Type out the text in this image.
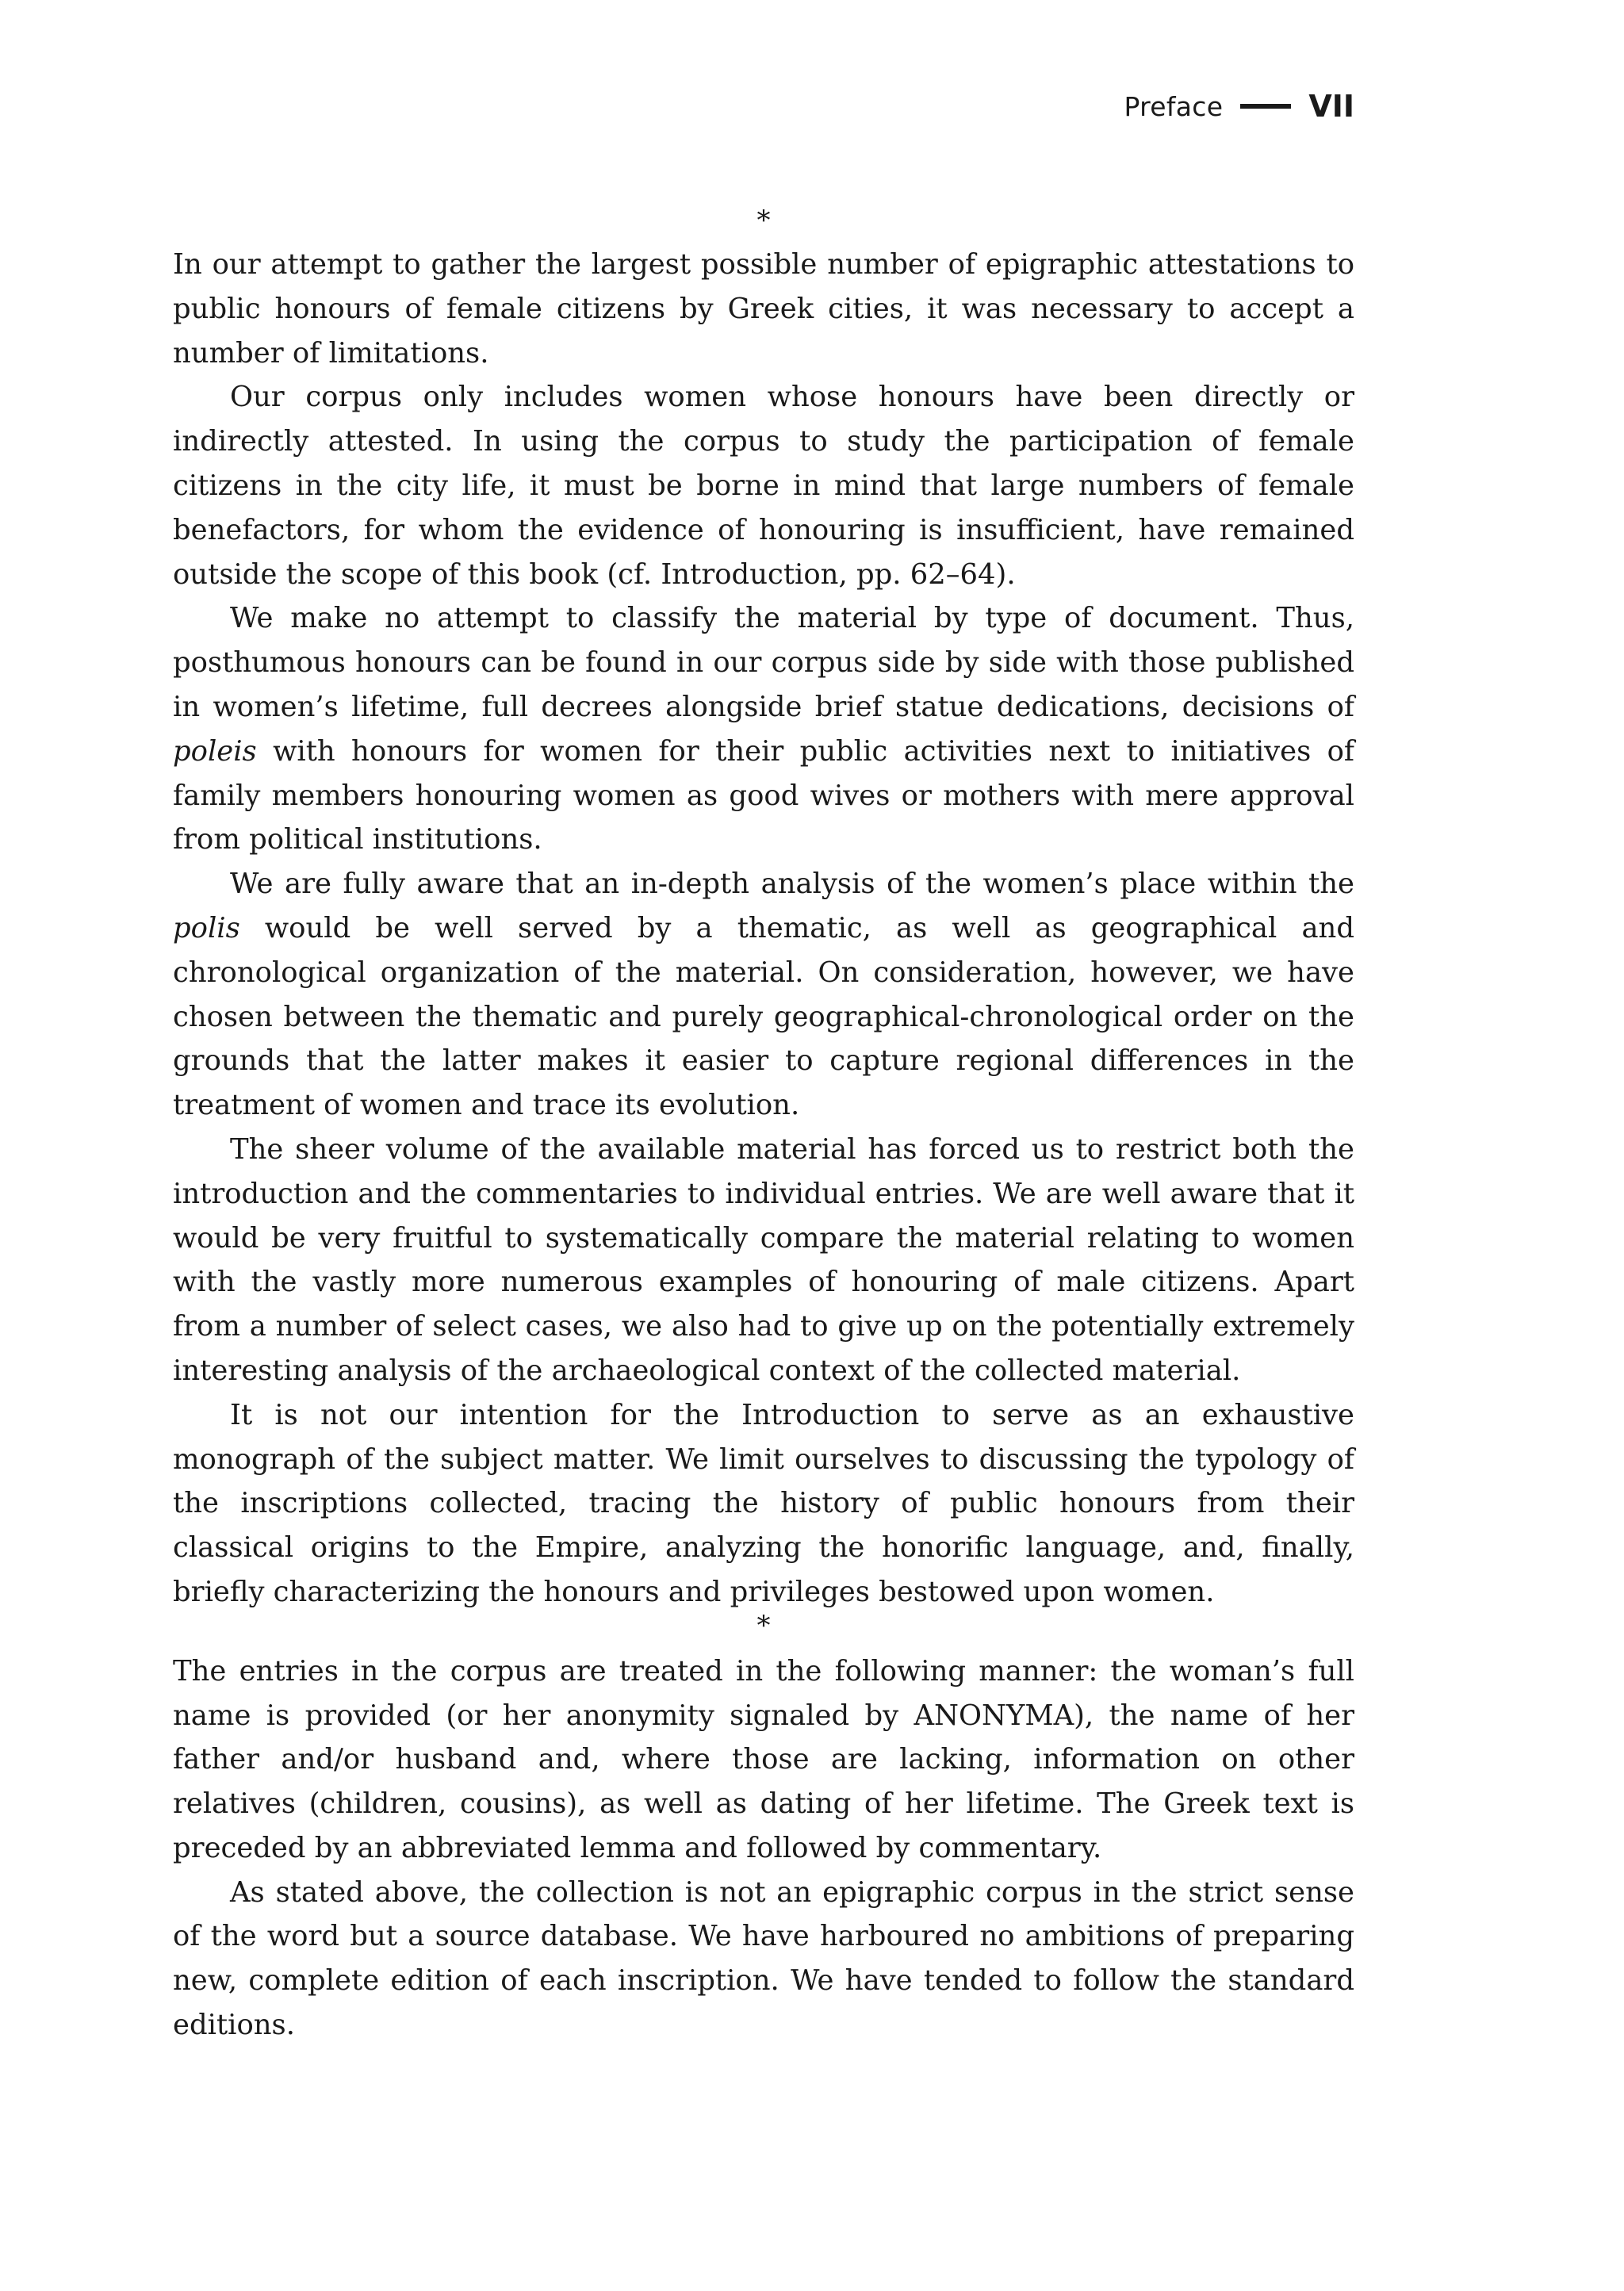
Preface	VII

*

In our attempt to gather the largest possible number of epigraphic attestations to public honours of female citizens by Greek cities, it was necessary to accept a number of limitations.

Our corpus only includes women whose honours have been directly or indirectly attested. In using the corpus to study the participation of female citizens in the city life, it must be borne in mind that large numbers of female benefactors, for whom the evidence of honouring is insufficient, have remained outside the scope of this book (cf. Introduction, pp. 62–64).

We make no attempt to classify the material by type of document. Thus, posthumous honours can be found in our corpus side by side with those published in women’s lifetime, full decrees alongside brief statue dedications, decisions of poleis with honours for women for their public activities next to initiatives of family members honouring women as good wives or mothers with mere approval from political institutions.

We are fully aware that an in-depth analysis of the women’s place within the polis would be well served by a thematic, as well as geographical and chronological organization of the material. On consideration, however, we have chosen between the thematic and purely geographical-chronological order on the grounds that the latter makes it easier to capture regional differences in the treatment of women and trace its evolution.

The sheer volume of the available material has forced us to restrict both the introduction and the commentaries to individual entries. We are well aware that it would be very fruitful to systematically compare the material relating to women with the vastly more numerous examples of honouring of male citizens. Apart from a number of select cases, we also had to give up on the potentially extremely interesting analysis of the archaeological context of the collected material.

It is not our intention for the Introduction to serve as an exhaustive monograph of the subject matter. We limit ourselves to discussing the typology of the inscriptions collected, tracing the history of public honours from their classical origins to the Empire, analyzing the honorific language, and, finally, briefly characterizing the honours and privileges bestowed upon women.

*

The entries in the corpus are treated in the following manner: the woman’s full name is provided (or her anonymity signaled by ANONYMA), the name of her father and/or husband and, where those are lacking, information on other relatives (children, cousins), as well as dating of her lifetime. The Greek text is preceded by an abbreviated lemma and followed by commentary.

As stated above, the collection is not an epigraphic corpus in the strict sense of the word but a source database. We have harboured no ambitions of preparing new, complete edition of each inscription. We have tended to follow the standard editions.
